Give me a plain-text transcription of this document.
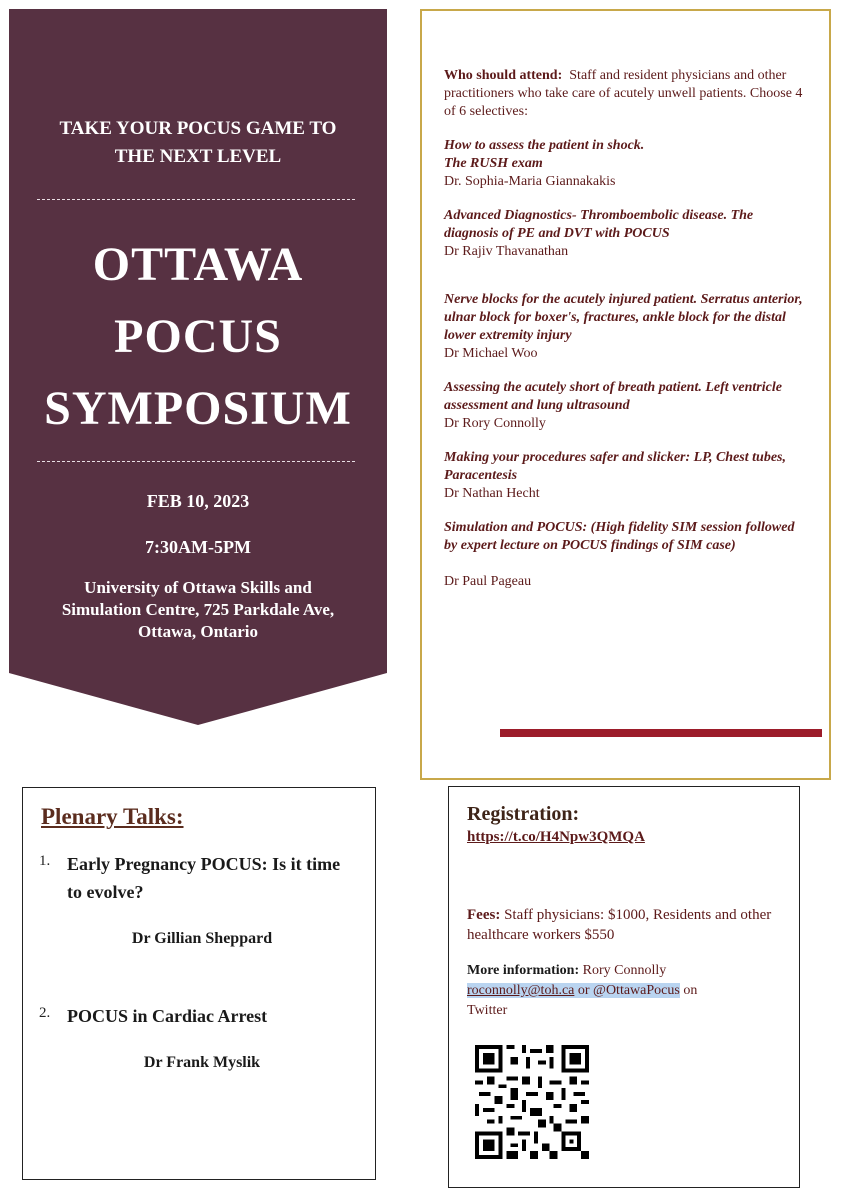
TAKE YOUR POCUS GAME TO
THE NEXT LEVEL
OTTAWA
POCUS
SYMPOSIUM
FEB 10, 2023
7:30AM-5PM
University of Ottawa Skills and
Simulation Centre, 725 Parkdale Ave,
Ottawa, Ontario
Who should attend: Staff and resident physicians and other practitioners who take care of acutely unwell patients. Choose 4 of 6 selectives:
How to assess the patient in shock.
The RUSH exam
Dr. Sophia-Maria Giannakakis
Advanced Diagnostics- Thromboembolic disease. The diagnosis of PE and DVT with POCUS
Dr Rajiv Thavanathan
Nerve blocks for the acutely injured patient. Serratus anterior, ulnar block for boxer's, fractures, ankle block for the distal lower extremity injury
Dr Michael Woo
Assessing the acutely short of breath patient. Left ventricle assessment and lung ultrasound
Dr Rory Connolly
Making your procedures safer and slicker: LP, Chest tubes, Paracentesis
Dr Nathan Hecht
Simulation and POCUS: (High fidelity SIM session followed by expert lecture on POCUS findings of SIM case)
Dr Paul Pageau
Plenary Talks:
1. Early Pregnancy POCUS: Is it time to evolve?
Dr Gillian Sheppard
2. POCUS in Cardiac Arrest
Dr Frank Myslik
Registration:
https://t.co/H4Npw3QMQA
Fees: Staff physicians: $1000, Residents and other healthcare workers $550
More information: Rory Connolly
roconnolly@toh.ca or @OttawaPocus on
Twitter
